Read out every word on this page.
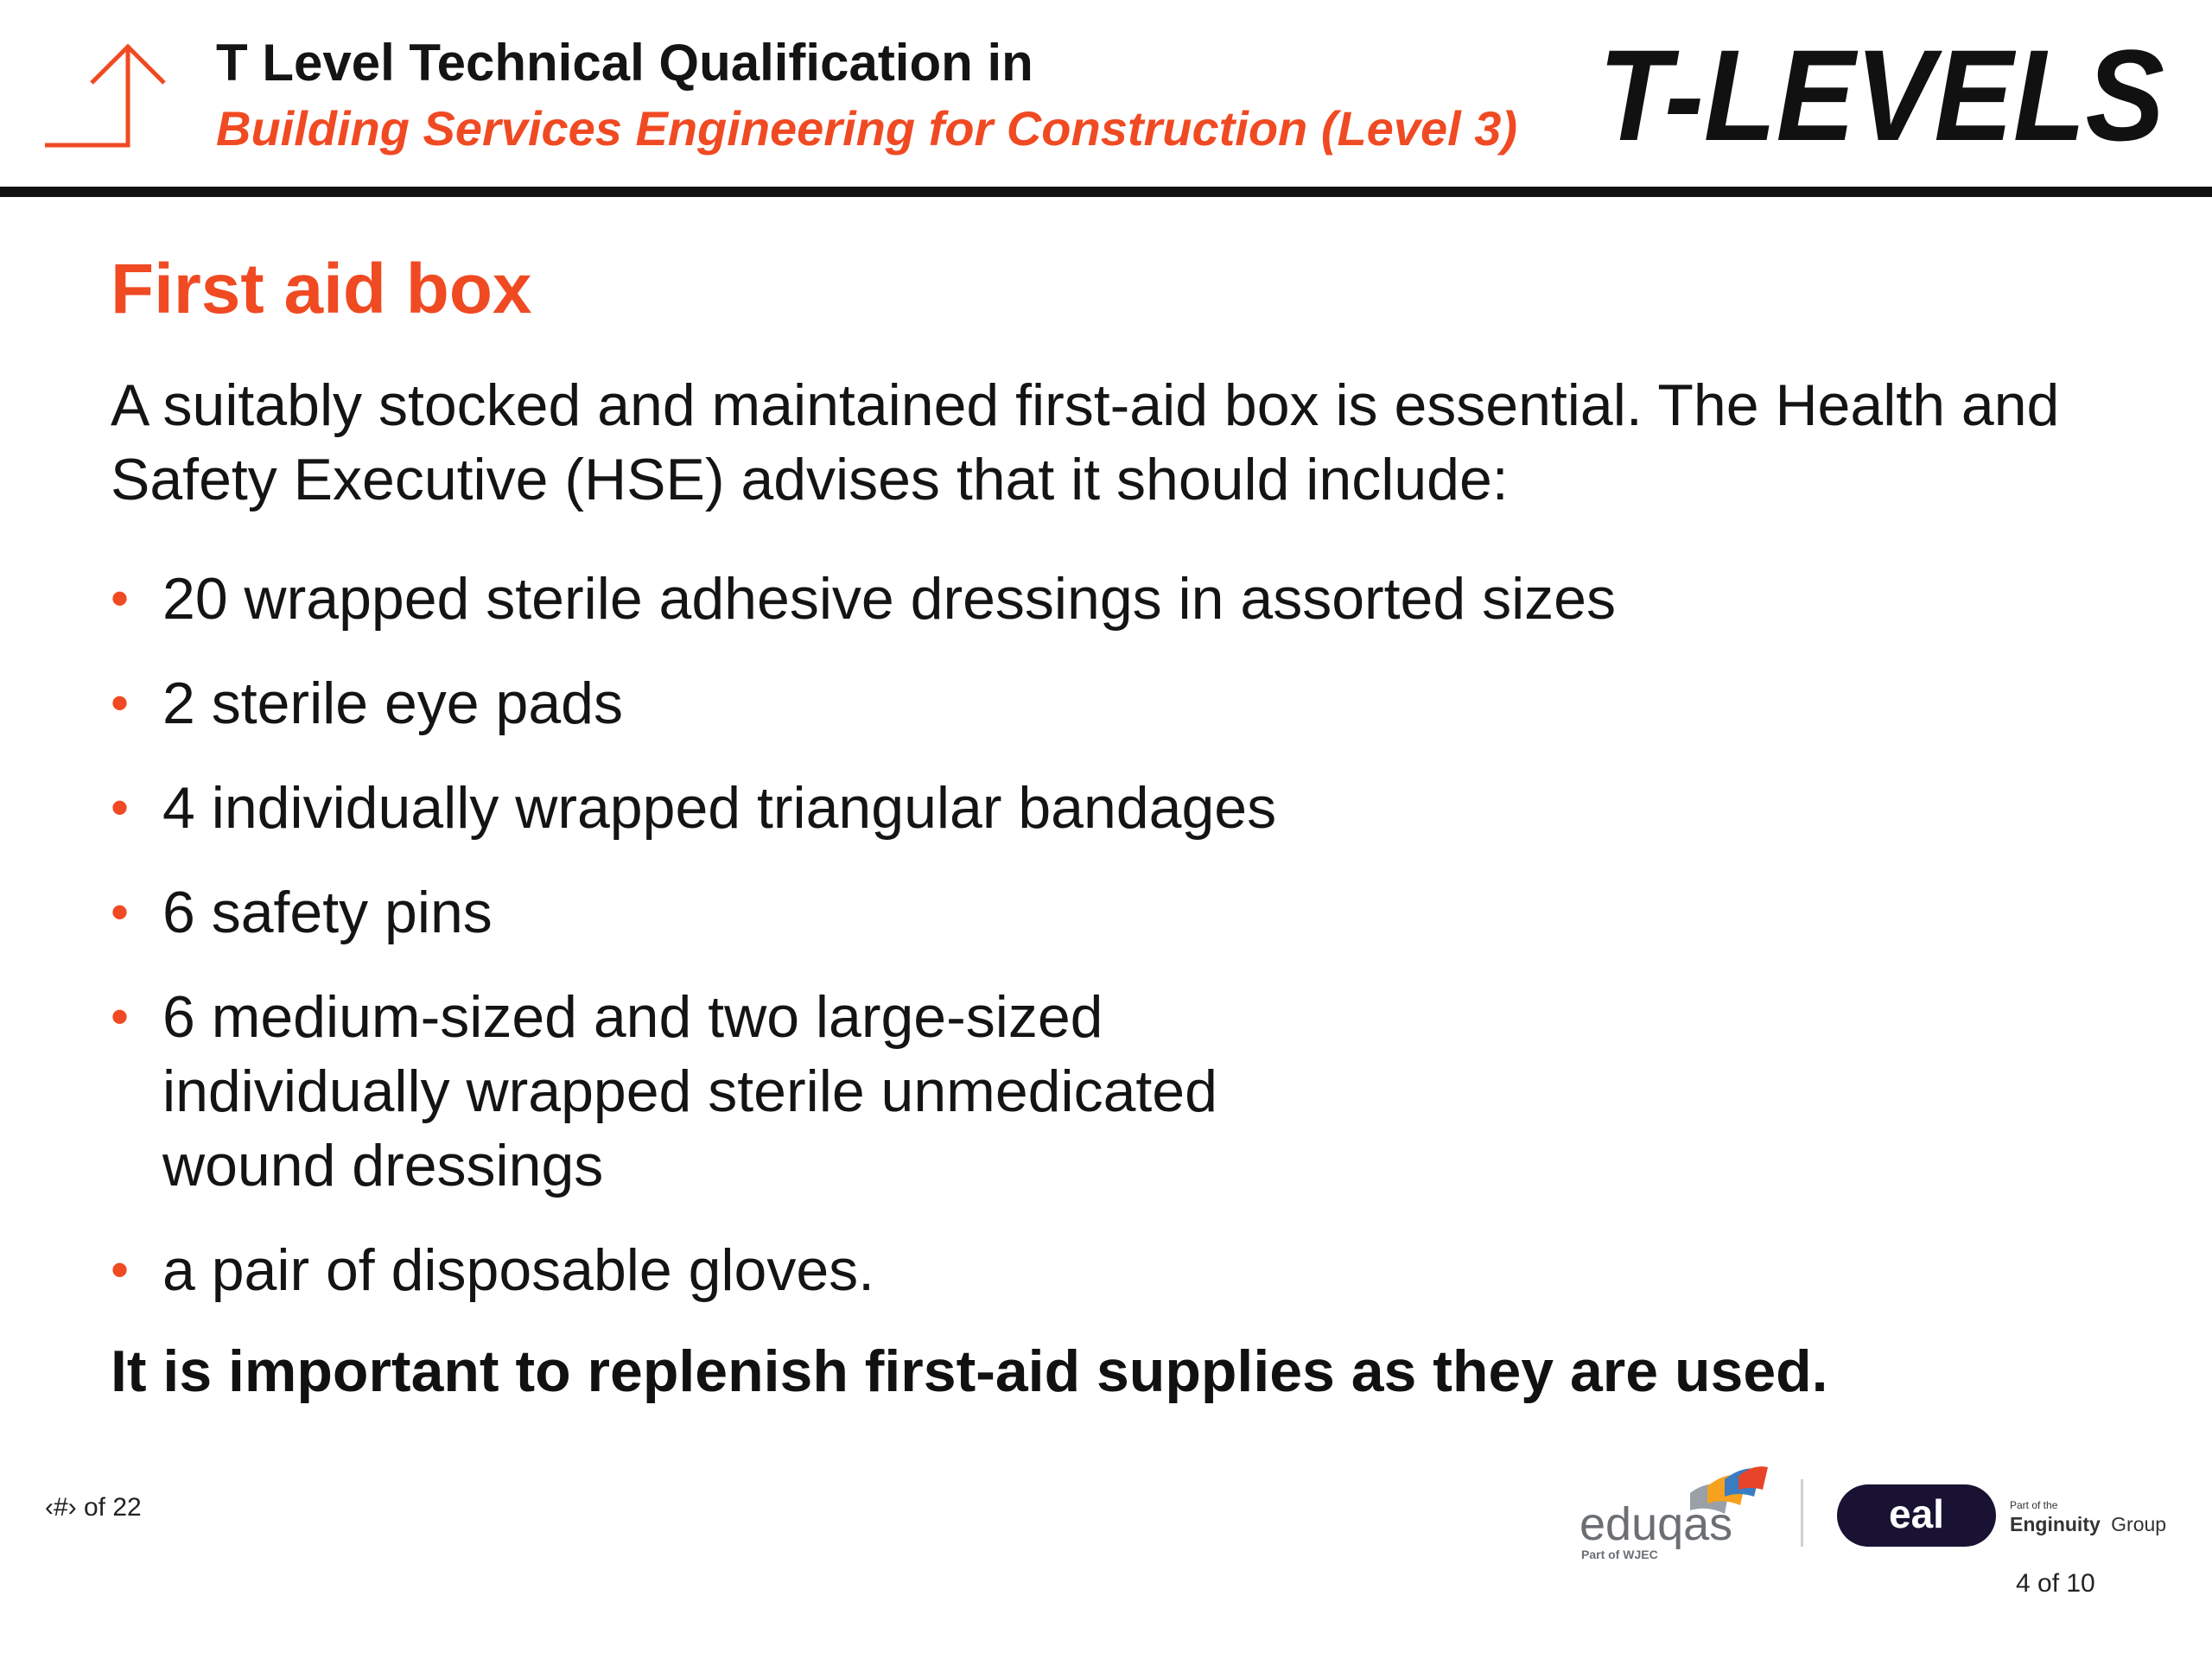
T Level Technical Qualification in
Building Services Engineering for Construction (Level 3) T-LEVELS
First aid box
A suitably stocked and maintained first-aid box is essential. The Health and Safety Executive (HSE) advises that it should include:
• 20 wrapped sterile adhesive dressings in assorted sizes
• 2 sterile eye pads
• 4 individually wrapped triangular bandages
• 6 safety pins
• 6 medium-sized and two large-sized individually wrapped sterile unmedicated wound dressings
• a pair of disposable gloves.
It is important to replenish first-aid supplies as they are used.
‹#› of 22	eduqas
Part of WJEC
eal	Part of the
Enginuity Group
4 of 10
